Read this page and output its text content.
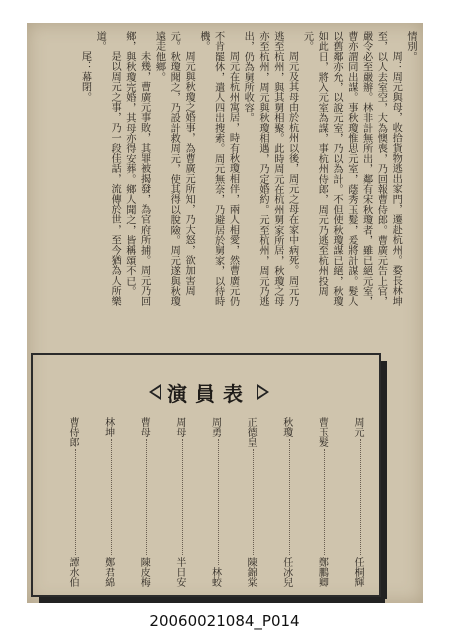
情別。

周：周元與母，收拾貨物逃出家門，遷赴杭州。婺長林坤至，以人去室空，大為懊喪，乃回報曹侍郎。曹廣元告上官，嚴令必至嚴辦。林非計無所出，鄰有宋秋瓊者，雖已絕元室，曹亦謂同出謀。事秋瓊惟思元室，蔭秀玉髮，爰將計謀。髮人以舊鄰亦允，以說元室，乃以為計。不但使秋瓊謀已絕，秋瓊如此日，將入元室為謀，事杭州侍郎，周元乃逃至杭州投周元。

周元及其母由於杭州以後，周元之母在家中病死。周元乃逃至杭州，與其舅相聚。此時周元在杭州舅家所居，秋瓊之母亦至杭州，周元與秋瓊相遇，乃定婚約。元至杭州，周元乃逃出，仍為舅所收容。

周元在杭州寓居，時有秋瓊相伴，兩人相愛，然曹廣元仍不肯罷休，遣人四出搜索。周元無奈，乃避居於舅家，以待時機。

周元與秋瓊之婚事，為曹廣元所知，乃大怒，欲加害周元。秋瓊聞之，乃設計救周元，使其得以脫險。周元遂與秋瓊遠走他鄉。

未幾，曹廣元事敗，其罪被揭發，為官府所捕。周元乃回鄉，與秋瓊完婚，其母亦得安葬。鄉人聞之，皆稱頌不已。

是以周元之事，乃一段佳話，流傳於世，至今猶為人所樂道。

尾：幕閉。

演員表
周元
任桐輝
曹玉髮
鄭鵬卿
秋瓊
任冰兒
正德皇
陳錦棠
周勇
林蛟
周母
半日安
曹母
陳皮梅
林坤
鄭君綿
曹侍郎
譚水伯
20060021084_P014
